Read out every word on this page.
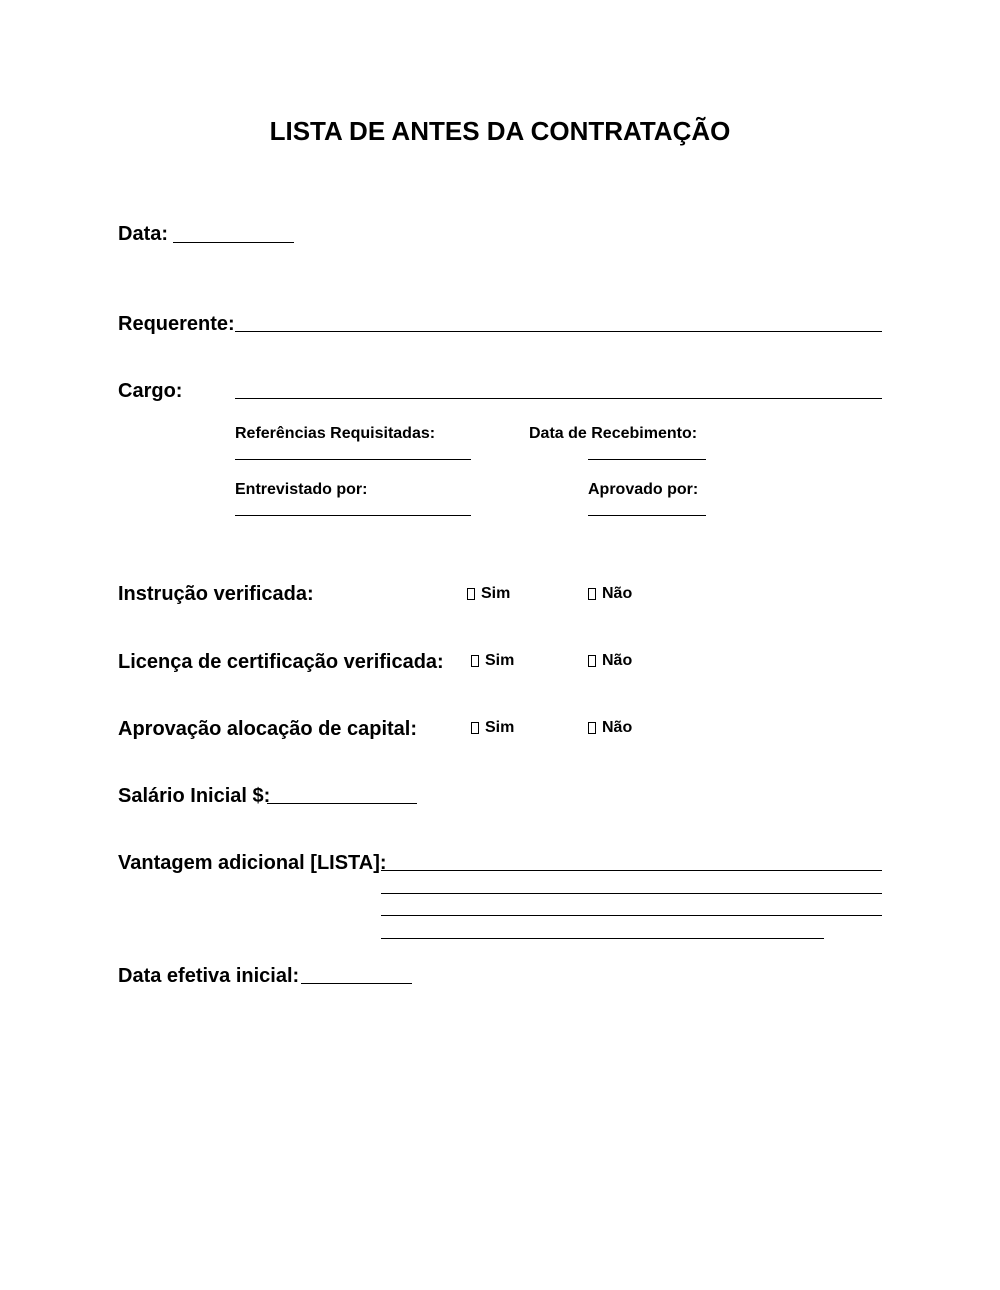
LISTA DE ANTES DA CONTRATAÇÃO
Data:
Requerente:
Cargo:
Referências Requisitadas:	Data de Recebimento:
Entrevistado por:	Aprovado por:
Instrução verificada:	Sim	Não
Licença de certificação verificada:	Sim	Não
Aprovação alocação de capital:	Sim	Não
Salário Inicial $:
Vantagem adicional [LISTA]:
Data efetiva inicial:
